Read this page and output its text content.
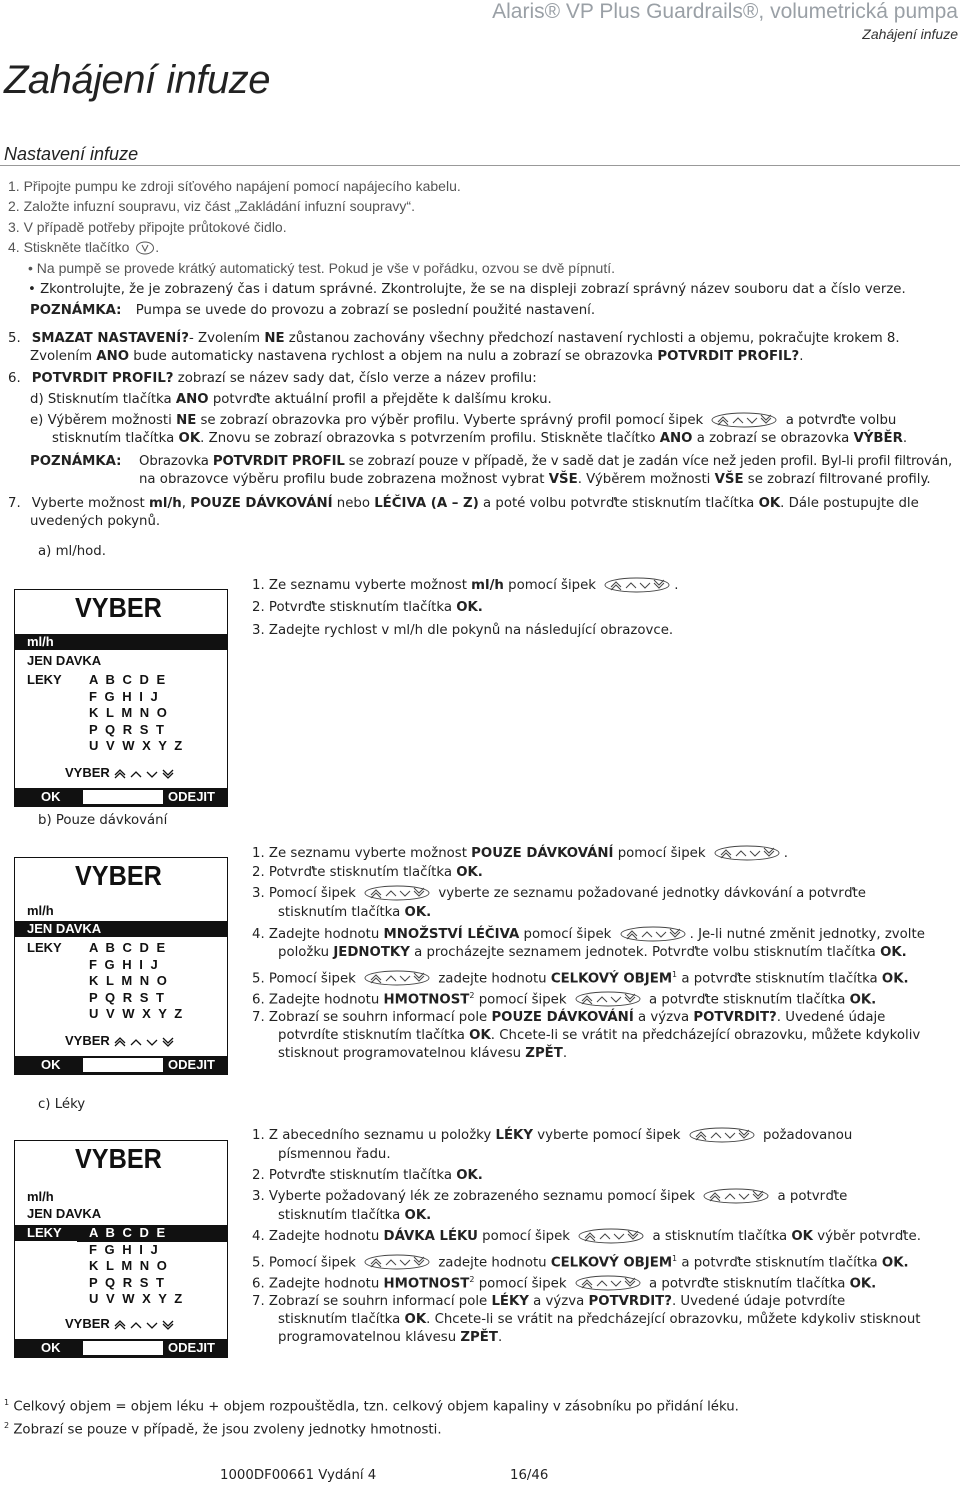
Alaris® VP Plus Guardrails®, volumetrická pumpa
Zahájení infuze
Zahájení infuze
Nastavení infuze
1. Připojte pumpu ke zdroji síťového napájení pomocí napájecího kabelu.
2. Založte infuzní soupravu, viz část „Zakládání infuzní soupravy“.
3. V případě potřeby připojte průtokové čidlo.
4. Stiskněte tlačítko .
• Na pumpě se provede krátký automatický test. Pokud je vše v pořádku, ozvou se dvě pípnutí.
• Zkontrolujte, že je zobrazený čas i datum správné. Zkontrolujte, že se na displeji zobrazí správný název souboru dat a číslo verze.
POZNÁMKA: Pumpa se uvede do provozu a zobrazí se poslední použité nastavení.
5. SMAZAT NASTAVENÍ?- Zvolením NE zůstanou zachovány všechny předchozí nastavení rychlosti a objemu, pokračujte krokem 8.
Zvolením ANO bude automaticky nastavena rychlost a objem na nulu a zobrazí se obrazovka POTVRDIT PROFIL?.
6. POTVRDIT PROFIL? zobrazí se název sady dat, číslo verze a název profilu:
d) Stisknutím tlačítka ANO potvrďte aktuální profil a přejděte k dalšímu kroku.
e) Výběrem možnosti NE se zobrazí obrazovka pro výběr profilu. Vyberte správný profil pomocí šipek	a potvrďte volbu
stisknutím tlačítka OK. Znovu se zobrazí obrazovka s potvrzením profilu. Stiskněte tlačítko ANO a zobrazí se obrazovka VÝBĚR.
POZNÁMKA: Obrazovka POTVRDIT PROFIL se zobrazí pouze v případě, že v sadě dat je zadán více než jeden profil. Byl-li profil filtrován,
na obrazovce výběru profilu bude zobrazena možnost vybrat VŠE. Výběrem možnosti VŠE se zobrazí filtrované profily.
7. Vyberte možnost ml/h, POUZE DÁVKOVÁNÍ nebo LÉČIVA (A – Z) a poté volbu potvrďte stisknutím tlačítka OK. Dále postupujte dle
uvedených pokynů.
a) ml/hod.
VYBER
ml/h
JEN DAVKA
LEKY	A B C D E
F G H I J
K L M N O
P Q R S T
U V W X Y Z
VYBER
OK	ODEJIT
1. Ze seznamu vyberte možnost ml/h pomocí šipek	.
2. Potvrďte stisknutím tlačítka OK.
3. Zadejte rychlost v ml/h dle pokynů na následující obrazovce.
b) Pouze dávkování
VYBER
ml/h
JEN DAVKA
LEKY	A B C D E
F G H I J
K L M N O
P Q R S T
U V W X Y Z
VYBER
OK	ODEJIT
1. Ze seznamu vyberte možnost POUZE DÁVKOVÁNÍ pomocí šipek	.
2. Potvrďte stisknutím tlačítka OK.
3. Pomocí šipek	vyberte ze seznamu požadované jednotky dávkování a potvrďte
stisknutím tlačítka OK.
4. Zadejte hodnotu MNOŽSTVÍ LÉČIVA pomocí šipek	. Je-li nutné změnit jednotky, zvolte
položku JEDNOTKY a procházejte seznamem jednotek. Potvrďte volbu stisknutím tlačítka OK.
5. Pomocí šipek	zadejte hodnotu CELKOVÝ OBJEM$^1$ a potvrďte stisknutím tlačítka OK.
6. Zadejte hodnotu HMOTNOST$^2$ pomocí šipek	a potvrďte stisknutím tlačítka OK.
7. Zobrazí se souhrn informací pole POUZE DÁVKOVÁNÍ a výzva POTVRDIT?. Uvedené údaje
potvrdíte stisknutím tlačítka OK. Chcete-li se vrátit na předcházející obrazovku, můžete kdykoliv
stisknout programovatelnou klávesu ZPĚT.
c) Léky
VYBER
ml/h
JEN DAVKA
LEKY	A B C D E
F G H I J
K L M N O
P Q R S T
U V W X Y Z
VYBER
OK	ODEJIT
1. Z abecedního seznamu u položky LÉKY vyberte pomocí šipek	požadovanou
písmennou řadu.
2. Potvrďte stisknutím tlačítka OK.
3. Vyberte požadovaný lék ze zobrazeného seznamu pomocí šipek	a potvrďte
stisknutím tlačítka OK.
4. Zadejte hodnotu DÁVKA LÉKU pomocí šipek	a stisknutím tlačítka OK výběr potvrďte.
5. Pomocí šipek	zadejte hodnotu CELKOVÝ OBJEM$^1$ a potvrďte stisknutím tlačítka OK.
6. Zadejte hodnotu HMOTNOST$^2$ pomocí šipek	a potvrďte stisknutím tlačítka OK.
7. Zobrazí se souhrn informací pole LÉKY a výzva POTVRDIT?. Uvedené údaje potvrdíte
stisknutím tlačítka OK. Chcete-li se vrátit na předcházející obrazovku, můžete kdykoliv stisknout
programovatelnou klávesu ZPĚT.
$^1$ Celkový objem = objem léku + objem rozpouštědla, tzn. celkový objem kapaliny v zásobníku po přidání léku.
$^2$ Zobrazí se pouze v případě, že jsou zvoleny jednotky hmotnosti.
1000DF00661 Vydání 4	16/46
